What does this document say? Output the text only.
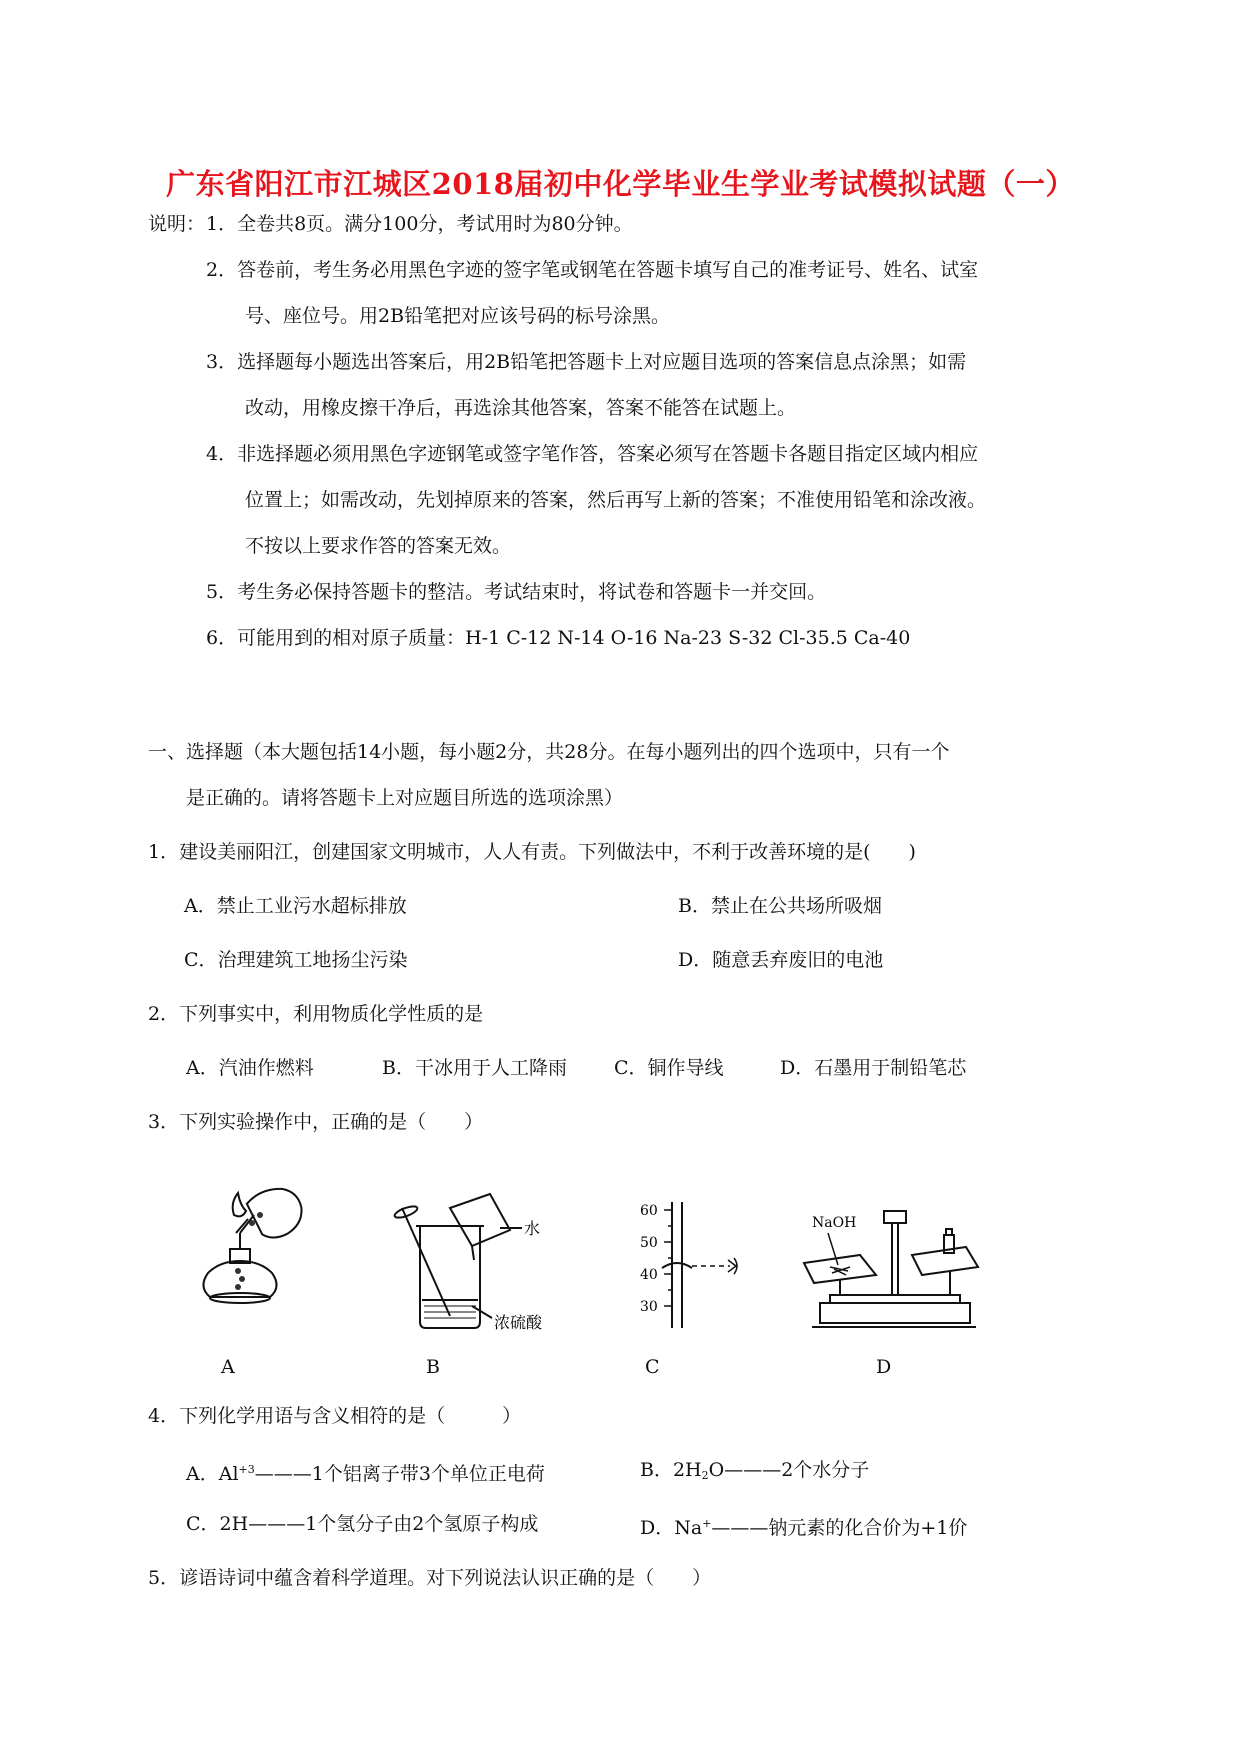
广东省阳江市江城区2018届初中化学毕业生学业考试模拟试题（一）
说明： 1．全卷共8页。满分100分，考试用时为80分钟。
2．答卷前，考生务必用黑色字迹的签字笔或钢笔在答题卡填写自己的准考证号、姓名、试室
号、座位号。用2B铅笔把对应该号码的标号涂黑。
3．选择题每小题选出答案后，用2B铅笔把答题卡上对应题目选项的答案信息点涂黑；如需
改动，用橡皮擦干净后，再选涂其他答案，答案不能答在试题上。
4．非选择题必须用黑色字迹钢笔或签字笔作答，答案必须写在答题卡各题目指定区域内相应
位置上；如需改动，先划掉原来的答案，然后再写上新的答案；不准使用铅笔和涂改液。
不按以上要求作答的答案无效。
5．考生务必保持答题卡的整洁。考试结束时，将试卷和答题卡一并交回。
6．可能用到的相对原子质量：H-1 C-12 N-14 O-16 Na-23 S-32 Cl-35.5 Ca-40
一、选择题（本大题包括14小题，每小题2分，共28分。在每小题列出的四个选项中，只有一个
是正确的。请将答题卡上对应题目所选的选项涂黑）
1．建设美丽阳江，创建国家文明城市，人人有责。下列做法中，不利于改善环境的是(　　)
A．禁止工业污水超标排放	B．禁止在公共场所吸烟
C．治理建筑工地扬尘污染	D．随意丢弃废旧的电池
2．下列事实中，利用物质化学性质的是
A．汽油作燃料	B．干冰用于人工降雨 C．铜作导线	D．石墨用于制铅笔芯
3．下列实验操作中，正确的是（　　）
水
浓硫酸
60
50
40
30
NaOH
A	B	C	D
4．下列化学用语与含义相符的是（　　　）
A．$Al^{+3}———1$个铝离子带3个单位正电荷	B．$2H_2O———2$个水分子
C．2H———1个氢分子由2个氢原子构成	D．Na+———钠元素的化合价为+1价
5．谚语诗词中蕴含着科学道理。对下列说法认识正确的是（　　）
